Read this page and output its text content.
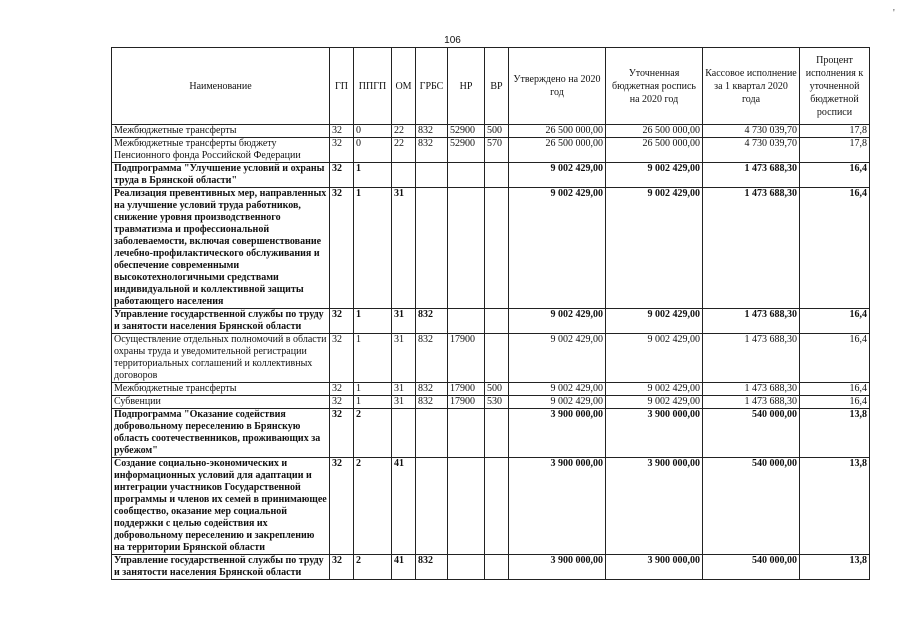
106
'
Наименование	ГП	ППГП	ОМ	ГРБС	НР	ВР	Утверждено на 2020 год	Уточненная бюджетная роспись на 2020 год	Кассовое исполнение за 1 квартал 2020 года	Процент исполнения к уточненной бюджетной росписи
Межбюджетные трансферты	32	0	22	832	52900	500	26 500 000,00	26 500 000,00	4 730 039,70	17,8
Межбюджетные трансферты бюджету Пенсионного фонда Российской Федерации	32	0	22	832	52900	570	26 500 000,00	26 500 000,00	4 730 039,70	17,8
Подпрограмма "Улучшение условий и охраны труда в Брянской области"	32	1					9 002 429,00	9 002 429,00	1 473 688,30	16,4
Реализация превентивных мер, направленных на улучшение условий труда работников, снижение уровня производственного травматизма и профессиональной заболеваемости, включая совершенствование лечебно-профилактического обслуживания и обеспечение современными высокотехнологичными средствами индивидуальной и коллективной защиты работающего населения	32	1	31				9 002 429,00	9 002 429,00	1 473 688,30	16,4
Управление государственной службы по труду и занятости населения Брянской области	32	1	31	832			9 002 429,00	9 002 429,00	1 473 688,30	16,4
Осуществление отдельных полномочий в области охраны труда и уведомительной регистрации территориальных соглашений и коллективных договоров	32	1	31	832	17900		9 002 429,00	9 002 429,00	1 473 688,30	16,4
Межбюджетные трансферты	32	1	31	832	17900	500	9 002 429,00	9 002 429,00	1 473 688,30	16,4
Субвенции	32	1	31	832	17900	530	9 002 429,00	9 002 429,00	1 473 688,30	16,4
Подпрограмма "Оказание содействия добровольному переселению в Брянскую область соотечественников, проживающих за рубежом"	32	2					3 900 000,00	3 900 000,00	540 000,00	13,8
Создание социально-экономических и информационных условий для адаптации и интеграции участников Государственной программы и членов их семей в принимающее сообщество, оказание мер социальной поддержки с целью содействия их добровольному переселению и закреплению на территории Брянской области	32	2	41				3 900 000,00	3 900 000,00	540 000,00	13,8
Управление государственной службы по труду и занятости населения Брянской области	32	2	41	832			3 900 000,00	3 900 000,00	540 000,00	13,8
